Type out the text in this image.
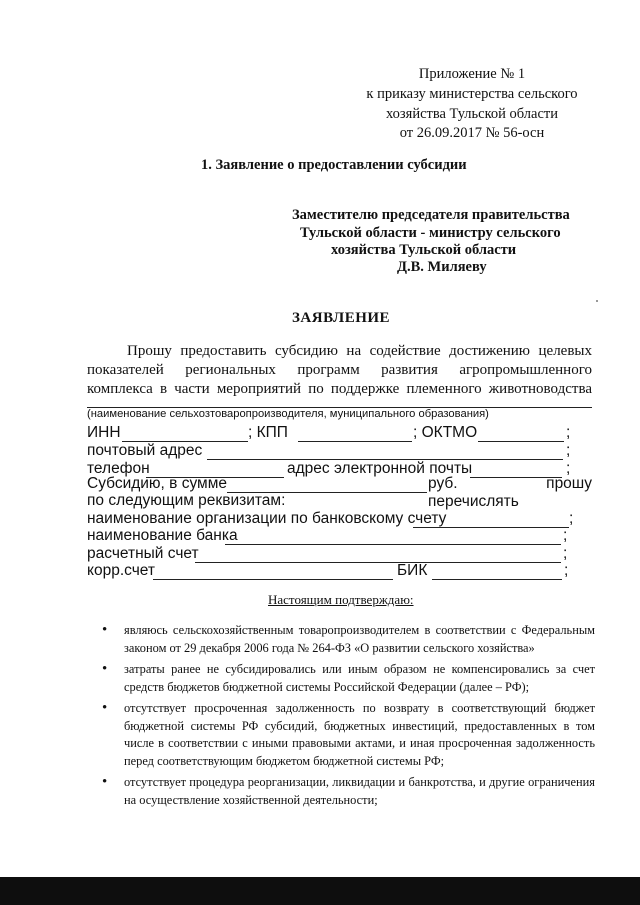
Приложение № 1
к приказу министерства сельского
хозяйства Тульской области
от 26.09.2017 № 56-осн
1. Заявление о предоставлении субсидии
Заместителю председателя правительства
Тульской области - министру сельского
хозяйства Тульской области
Д.В. Миляеву
ЗАЯВЛЕНИЕ

Прошу предоставить субсидию на содействие достижению целевых

показателей региональных программ развития агропромышленного

комплекса в части мероприятий по поддержке племенного животноводства

(наименование сельхозтоваропроизводителя, муниципального образования)
ИНН	; КПП	; ОКТМО	;
почтовый адрес	;
телефон	адрес электронной почты	;
Субсидию, в сумме	руб. прошу перечислять
по следующим реквизитам:
наименование организации по банковскому счету	;
наименование банка	;
расчетный счет	;
корр.счет	БИК	;
Настоящим подтверждаю:
• являюсь сельскохозяйственным товаропроизводителем в соответствии с Федеральным законом от 29 декабря 2006 года № 264-ФЗ «О развитии сельского хозяйства»
• затраты ранее не субсидировались или иным образом не компенсировались за счет средств бюджетов бюджетной системы Российской Федерации (далее – РФ);
• отсутствует просроченная задолженность по возврату в соответствующий бюджет бюджетной системы РФ субсидий, бюджетных инвестиций, предоставленных в том числе в соответствии с иными правовыми актами, и иная просроченная задолженность перед соответствующим бюджетом бюджетной системы РФ;
• отсутствует процедура реорганизации, ликвидации и банкротства, и другие ограничения на осуществление хозяйственной деятельности;
